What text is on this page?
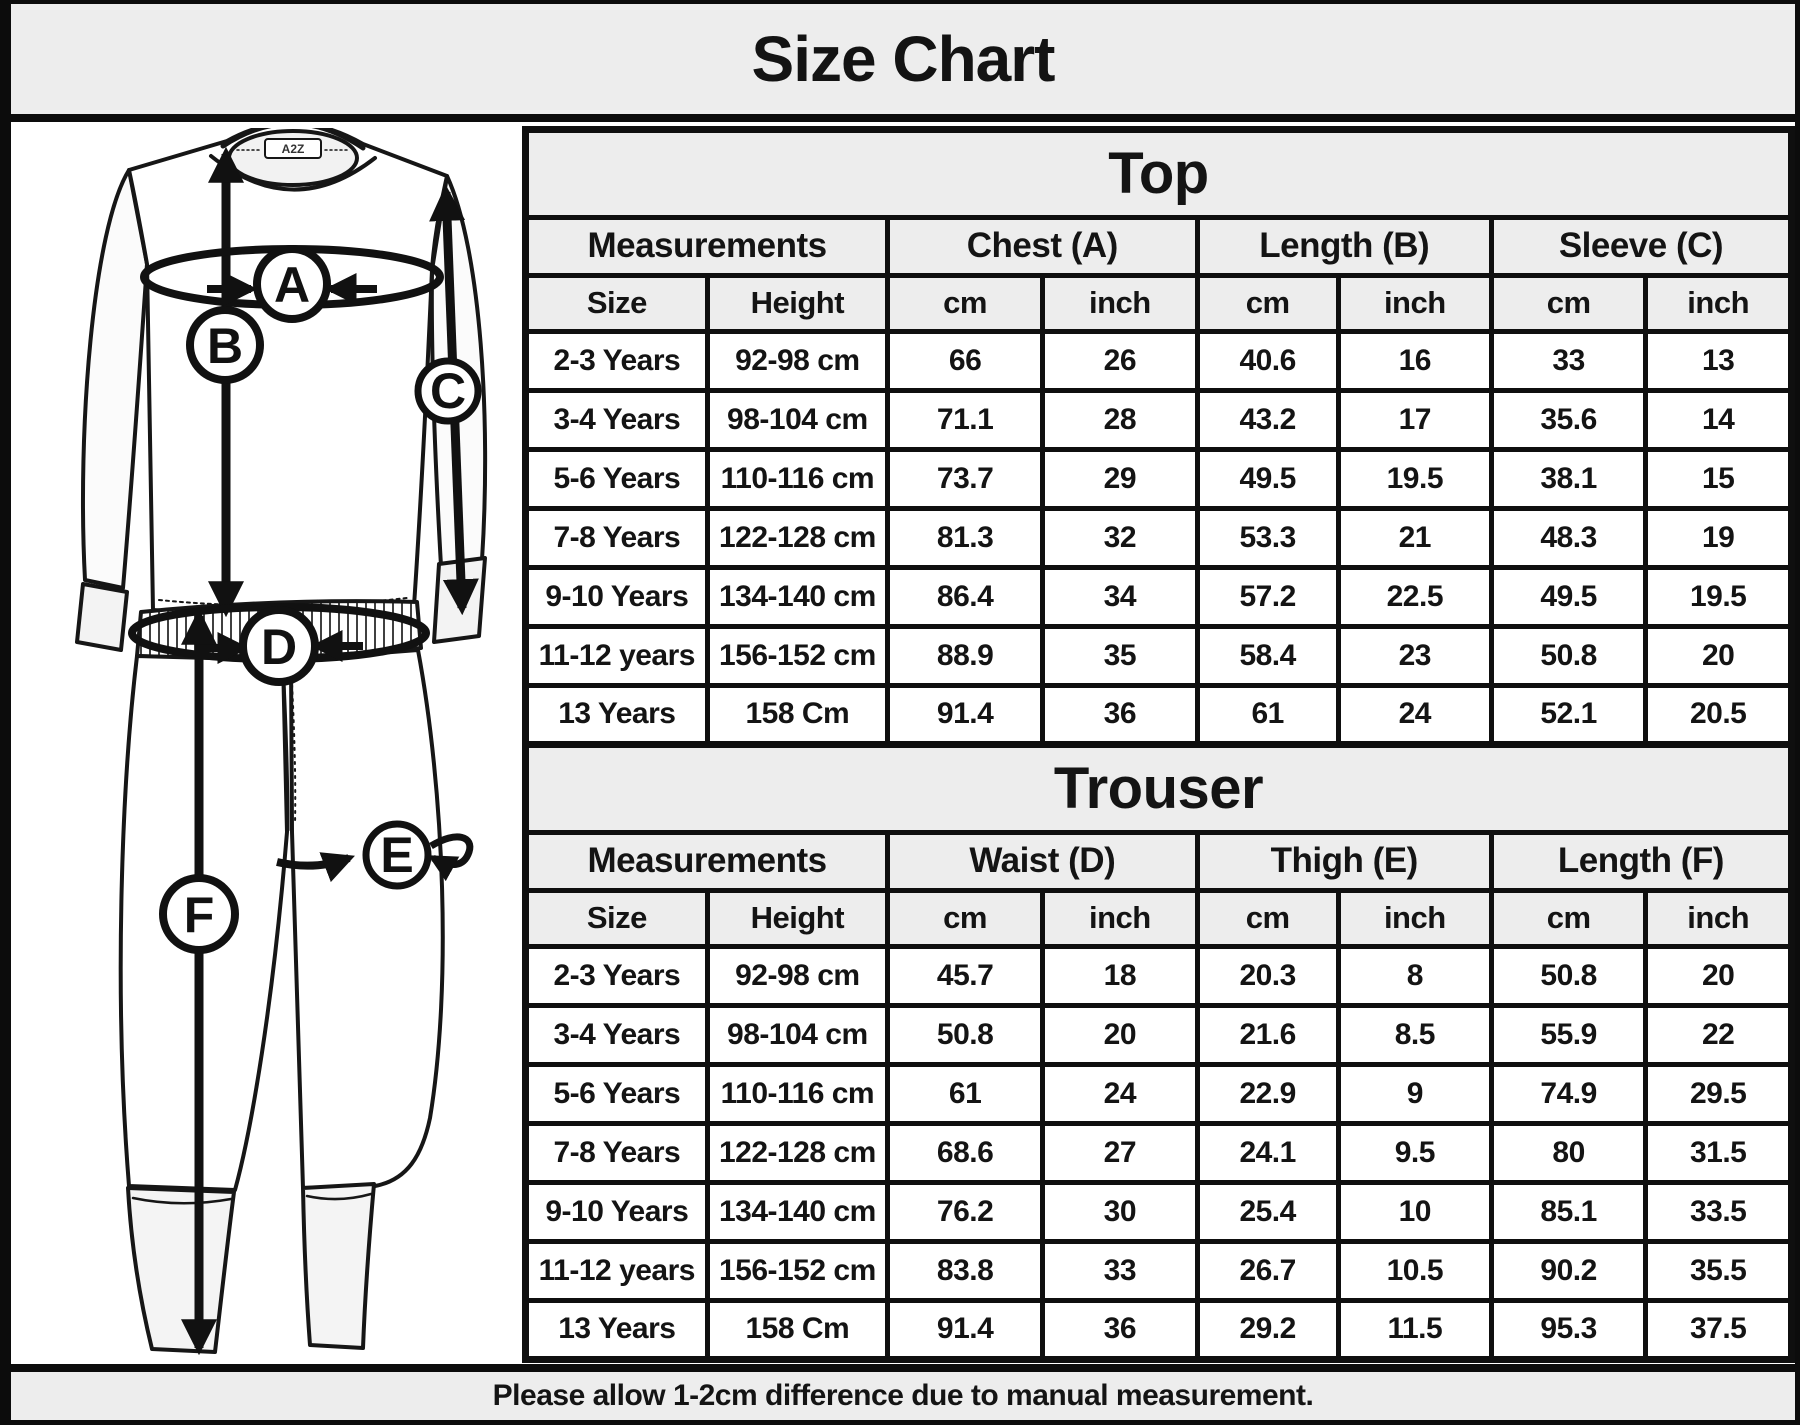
Size Chart
A2Z
A
B
C
D
E
F
Top							
Measurements		Chest (A)		Length (B)		Sleeve (C)	
Size	Height	cm	inch	cm	inch	cm	inch
2-3 Years	92-98 cm	66	26	40.6	16	33	13
3-4 Years	98-104 cm	71.1	28	43.2	17	35.6	14
5-6 Years	110-116 cm	73.7	29	49.5	19.5	38.1	15
7-8 Years	122-128 cm	81.3	32	53.3	21	48.3	19
9-10 Years	134-140 cm	86.4	34	57.2	22.5	49.5	19.5
11-12 years	156-152 cm	88.9	35	58.4	23	50.8	20
13 Years	158 Cm	91.4	36	61	24	52.1	20.5
Trouser							
Measurements		Waist (D)		Thigh (E)		Length (F)	
Size	Height	cm	inch	cm	inch	cm	inch
2-3 Years	92-98 cm	45.7	18	20.3	8	50.8	20
3-4 Years	98-104 cm	50.8	20	21.6	8.5	55.9	22
5-6 Years	110-116 cm	61	24	22.9	9	74.9	29.5
7-8 Years	122-128 cm	68.6	27	24.1	9.5	80	31.5
9-10 Years	134-140 cm	76.2	30	25.4	10	85.1	33.5
11-12 years	156-152 cm	83.8	33	26.7	10.5	90.2	35.5
13 Years	158 Cm	91.4	36	29.2	11.5	95.3	37.5
Please allow 1-2cm difference due to manual measurement.
